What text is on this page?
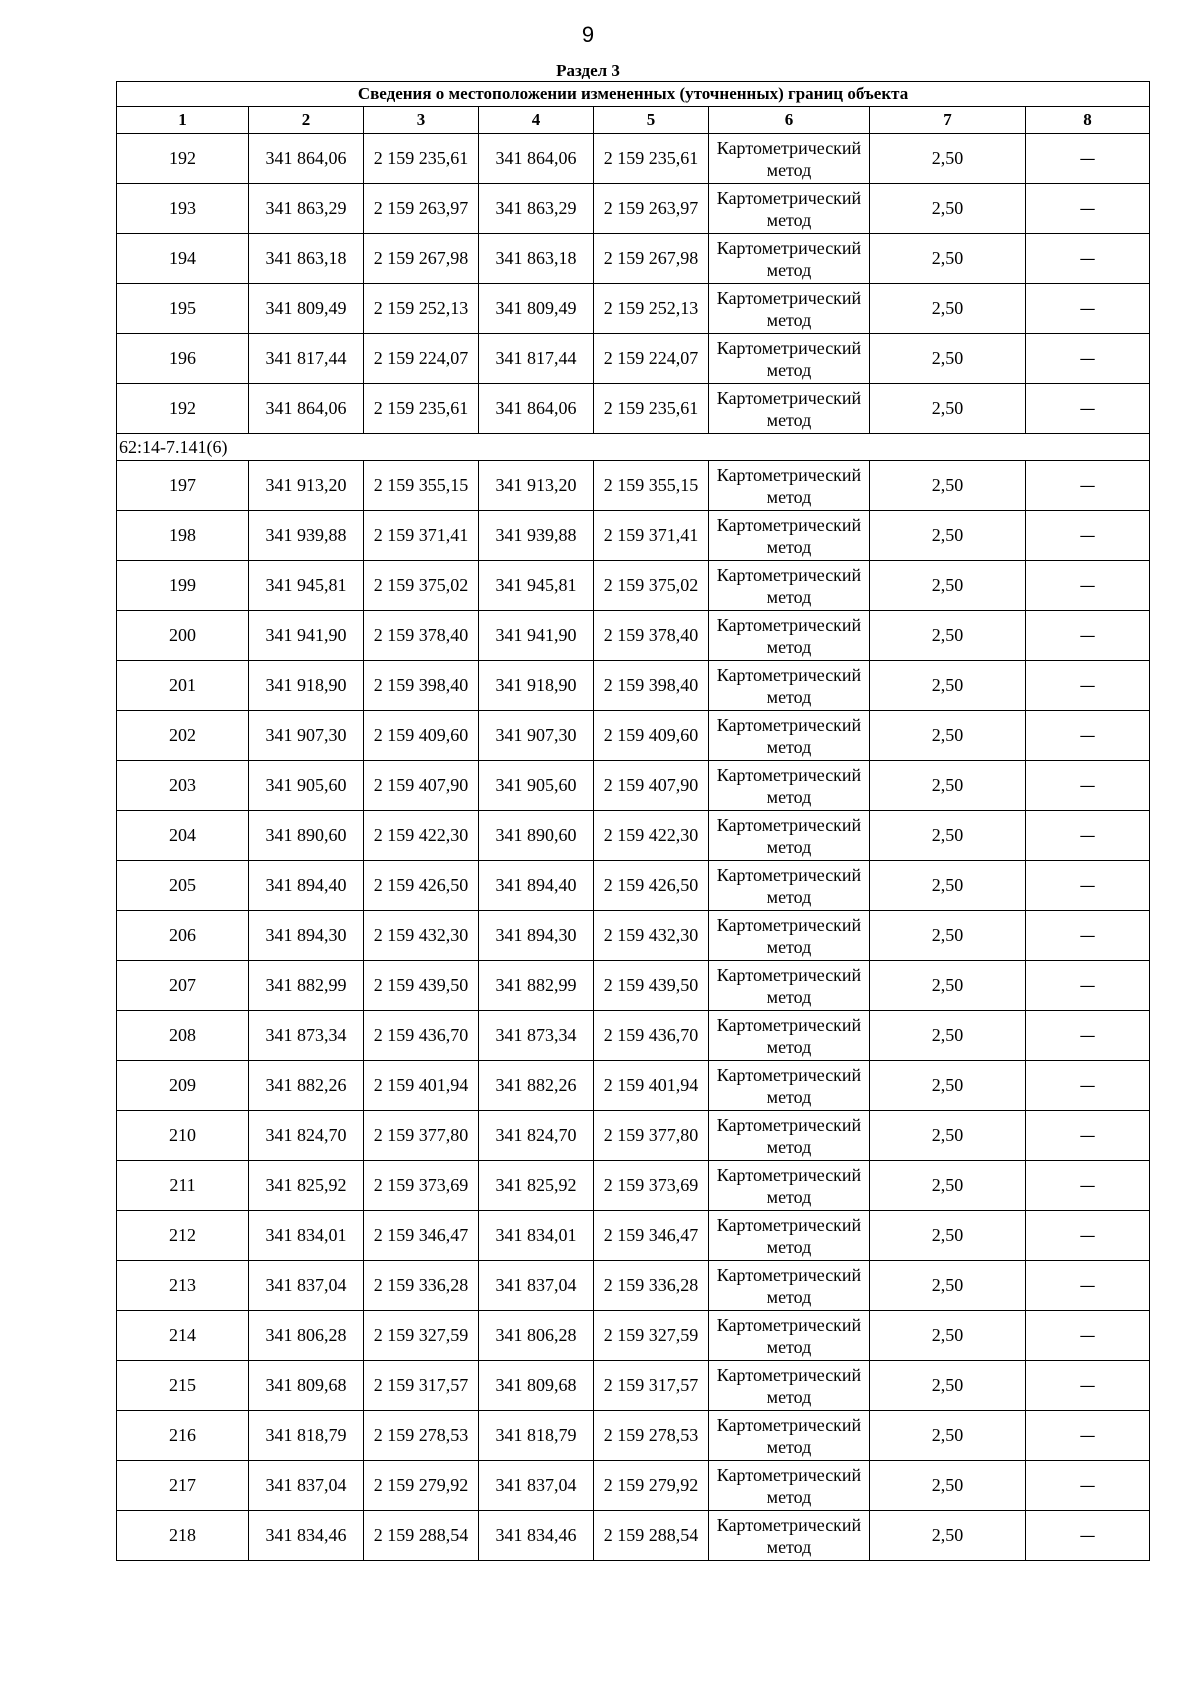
9
Раздел 3
Сведения о местоположении измененных (уточненных) границ объекта							
1	2	3	4	5	6	7	8
192	341 864,06	2 159 235,61	341 864,06	2 159 235,61	Картометрический метод	2,50	—
193	341 863,29	2 159 263,97	341 863,29	2 159 263,97	Картометрический метод	2,50	—
194	341 863,18	2 159 267,98	341 863,18	2 159 267,98	Картометрический метод	2,50	—
195	341 809,49	2 159 252,13	341 809,49	2 159 252,13	Картометрический метод	2,50	—
196	341 817,44	2 159 224,07	341 817,44	2 159 224,07	Картометрический метод	2,50	—
192	341 864,06	2 159 235,61	341 864,06	2 159 235,61	Картометрический метод	2,50	—
62:14-7.141(6)							
197	341 913,20	2 159 355,15	341 913,20	2 159 355,15	Картометрический метод	2,50	—
198	341 939,88	2 159 371,41	341 939,88	2 159 371,41	Картометрический метод	2,50	—
199	341 945,81	2 159 375,02	341 945,81	2 159 375,02	Картометрический метод	2,50	—
200	341 941,90	2 159 378,40	341 941,90	2 159 378,40	Картометрический метод	2,50	—
201	341 918,90	2 159 398,40	341 918,90	2 159 398,40	Картометрический метод	2,50	—
202	341 907,30	2 159 409,60	341 907,30	2 159 409,60	Картометрический метод	2,50	—
203	341 905,60	2 159 407,90	341 905,60	2 159 407,90	Картометрический метод	2,50	—
204	341 890,60	2 159 422,30	341 890,60	2 159 422,30	Картометрический метод	2,50	—
205	341 894,40	2 159 426,50	341 894,40	2 159 426,50	Картометрический метод	2,50	—
206	341 894,30	2 159 432,30	341 894,30	2 159 432,30	Картометрический метод	2,50	—
207	341 882,99	2 159 439,50	341 882,99	2 159 439,50	Картометрический метод	2,50	—
208	341 873,34	2 159 436,70	341 873,34	2 159 436,70	Картометрический метод	2,50	—
209	341 882,26	2 159 401,94	341 882,26	2 159 401,94	Картометрический метод	2,50	—
210	341 824,70	2 159 377,80	341 824,70	2 159 377,80	Картометрический метод	2,50	—
211	341 825,92	2 159 373,69	341 825,92	2 159 373,69	Картометрический метод	2,50	—
212	341 834,01	2 159 346,47	341 834,01	2 159 346,47	Картометрический метод	2,50	—
213	341 837,04	2 159 336,28	341 837,04	2 159 336,28	Картометрический метод	2,50	—
214	341 806,28	2 159 327,59	341 806,28	2 159 327,59	Картометрический метод	2,50	—
215	341 809,68	2 159 317,57	341 809,68	2 159 317,57	Картометрический метод	2,50	—
216	341 818,79	2 159 278,53	341 818,79	2 159 278,53	Картометрический метод	2,50	—
217	341 837,04	2 159 279,92	341 837,04	2 159 279,92	Картометрический метод	2,50	—
218	341 834,46	2 159 288,54	341 834,46	2 159 288,54	Картометрический метод	2,50	—
